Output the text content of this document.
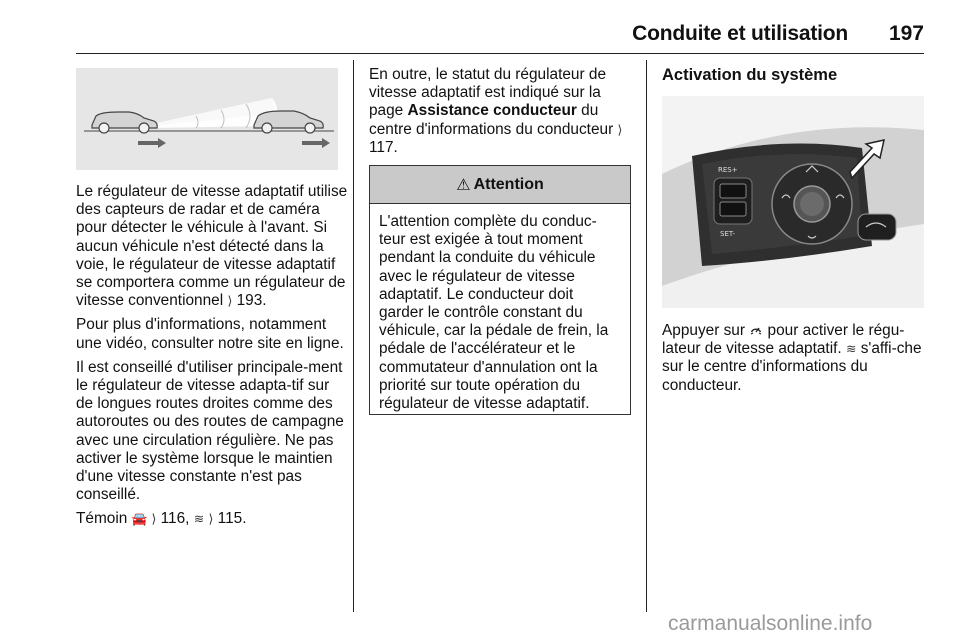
Conduite et utilisation	197

Le régulateur de vitesse adaptatif utilise des capteurs de radar et de caméra pour détecter le véhicule à l'avant. Si aucun véhicule n'est détecté dans la voie, le régulateur de vitesse adaptatif se comportera comme un régulateur de vitesse conventionnel ⟩ 193.

Pour plus d'informations, notamment une vidéo, consulter notre site en ligne.

Il est conseillé d'utiliser principale-ment le régulateur de vitesse adapta-tif sur de longues routes droites comme des autoroutes ou des routes de campagne avec une circulation régulière. Ne pas activer le système lorsque le maintien d'une vitesse constante n'est pas conseillé.

Témoin 🚘 ⟩ 116, ≋ ⟩ 115.

En outre, le statut du régulateur de vitesse adaptatif est indiqué sur la page Assistance conducteur du centre d'informations du conducteur ⟩ 117.

⚠ Attention
L'attention complète du conduc-teur est exigée à tout moment pendant la conduite du véhicule avec le régulateur de vitesse adaptatif. Le conducteur doit garder le contrôle constant du véhicule, car la pédale de frein, la pédale de l'accélérateur et le commutateur d'annulation ont la priorité sur toute opération du régulateur de vitesse adaptatif.
Activation du système
RES+
SET-

Appuyer sur pour activer le régu-lateur de vitesse adaptatif. ≋ s'affi-che sur le centre d'informations du conducteur.

carmanualsonline.info
